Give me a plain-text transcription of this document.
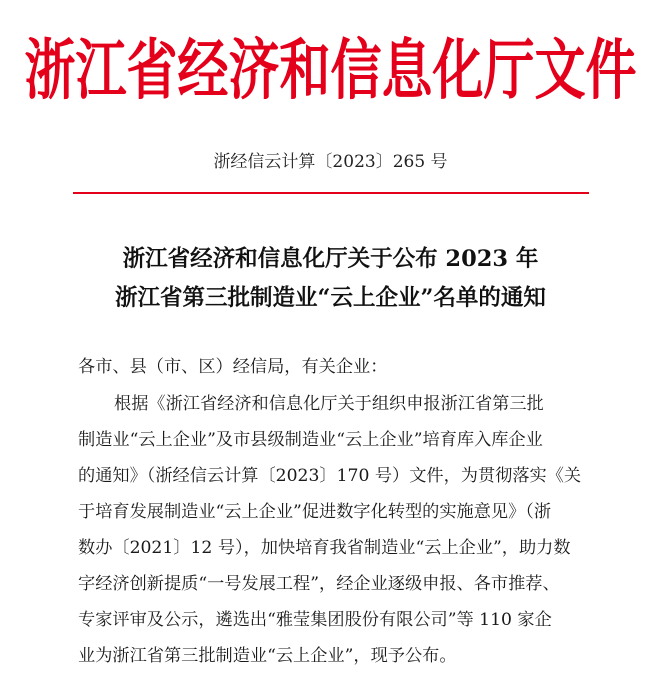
浙江省经济和信息化厅文件
浙经信云计算〔2023〕265 号
浙江省经济和信息化厅关于公布 2023 年
浙江省第三批制造业“云上企业”名单的通知
各市、县（市、区）经信局，有关企业：
根据《浙江省经济和信息化厅关于组织申报浙江省第三批
制造业“云上企业”及市县级制造业“云上企业”培育库入库企业
的通知》（浙经信云计算〔2023〕170 号）文件，为贯彻落实《关
于培育发展制造业“云上企业”促进数字化转型的实施意见》（浙
数办〔2021〕12 号），加快培育我省制造业“云上企业”，助力数
字经济创新提质“一号发展工程”，经企业逐级申报、各市推荐、
专家评审及公示，遴选出“雅莹集团股份有限公司”等 110 家企
业为浙江省第三批制造业“云上企业”，现予公布。
